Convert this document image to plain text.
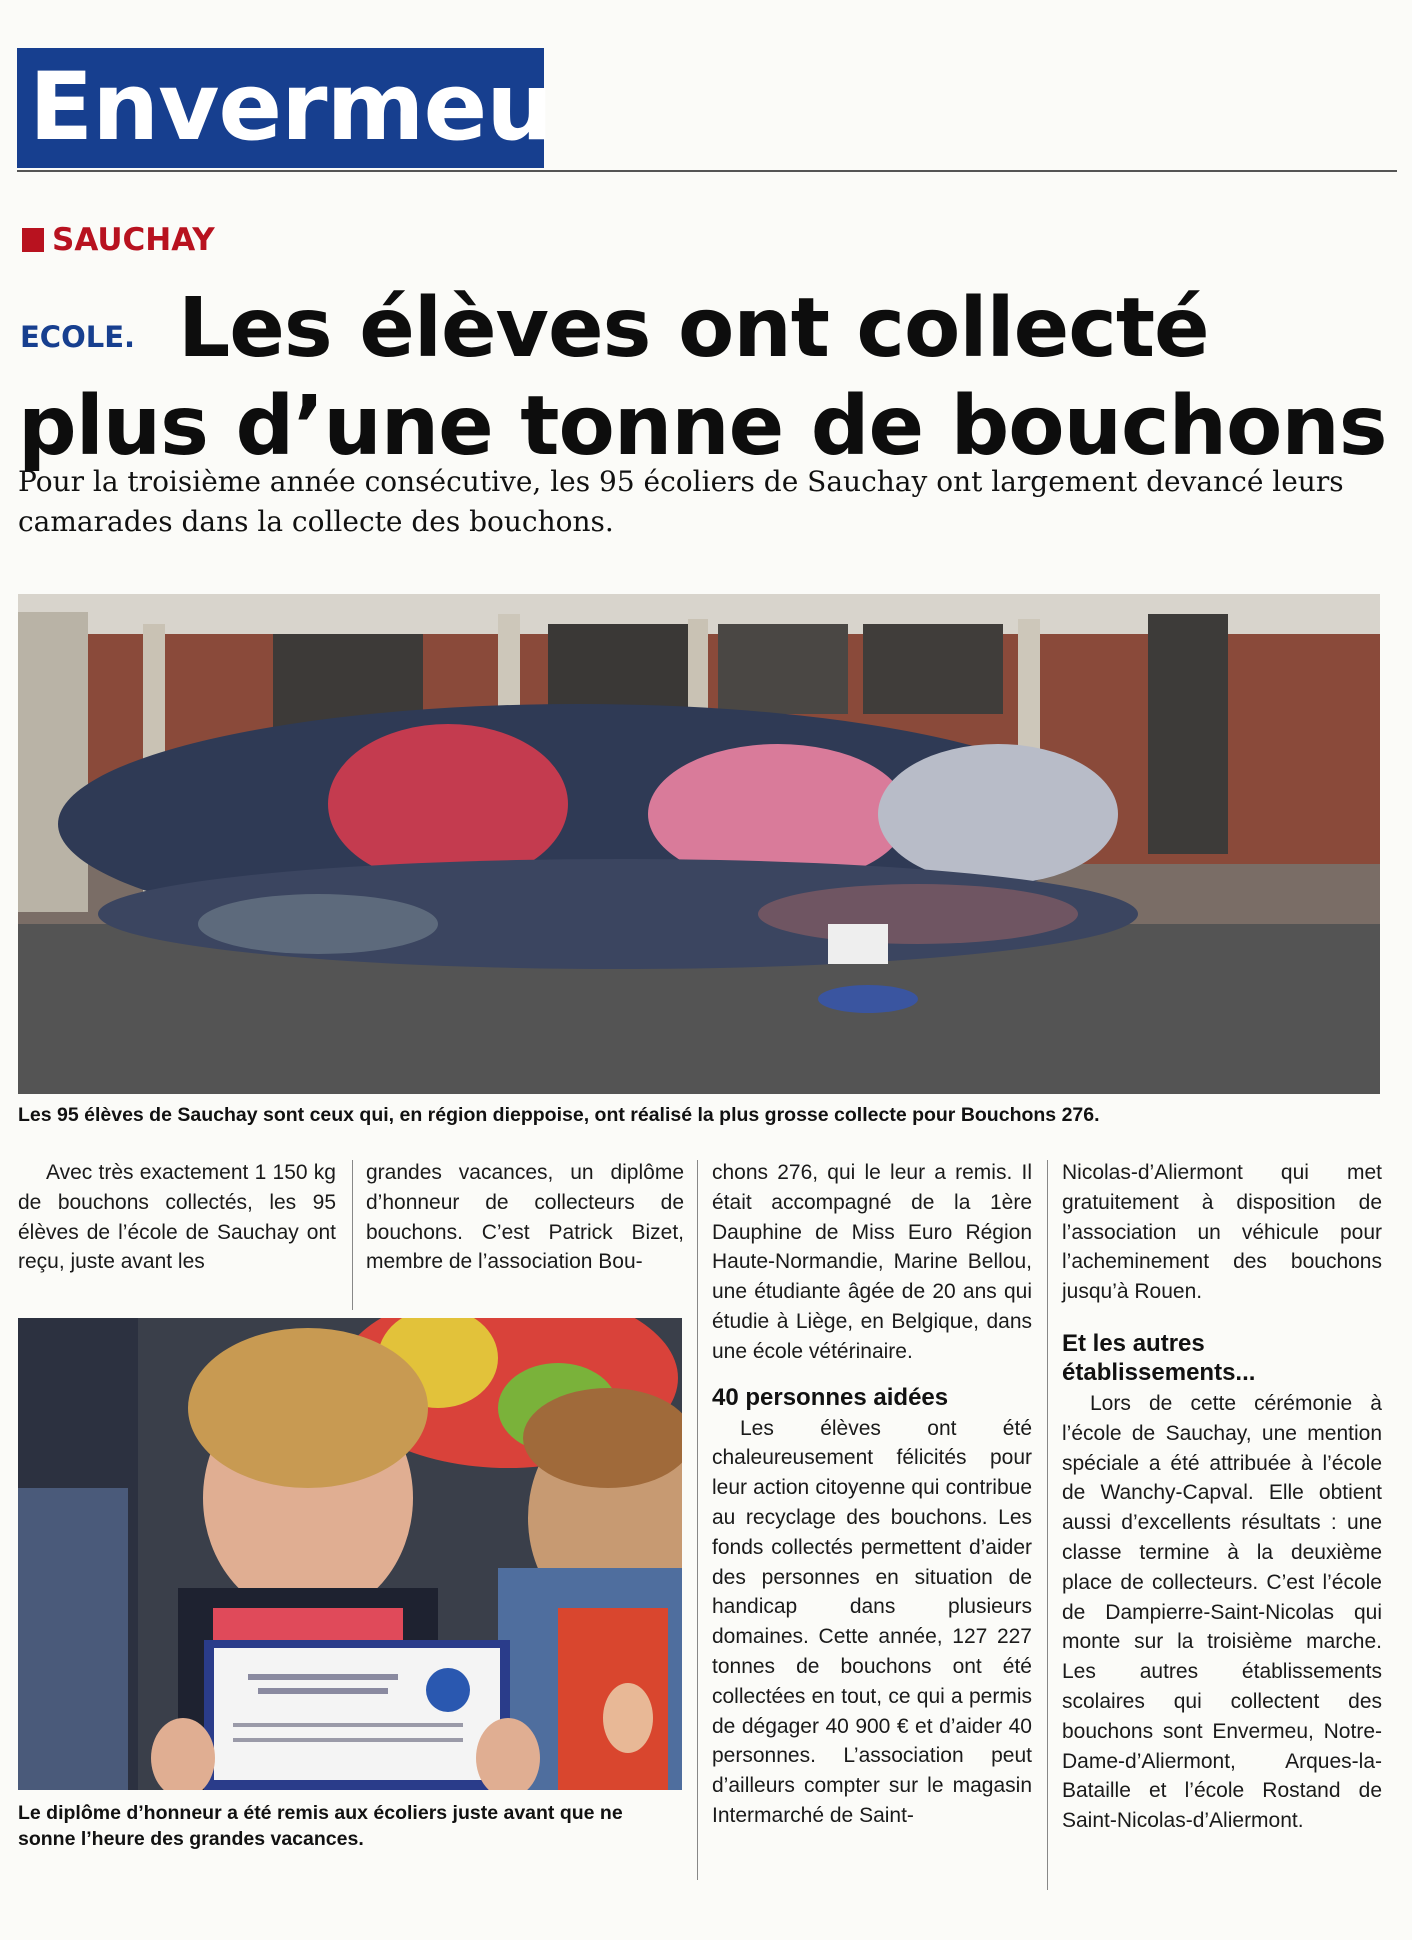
Envermeu
SAUCHAY
ECOLE. Les élèves ont collecté
plus d’une tonne de bouchons
Pour la troisième année consécutive, les 95 écoliers de Sauchay ont largement devancé leurs camarades dans la collecte des bouchons.
Les 95 élèves de Sauchay sont ceux qui, en région dieppoise, ont réalisé la plus grosse collecte pour Bouchons 276.

Avec très exactement 1 150 kg de bouchons collectés, les 95 élèves de l’école de Sauchay ont reçu, juste avant les

grandes vacances, un diplôme d’honneur de collecteurs de bouchons. C’est Patrick Bizet, membre de l’association Bou-

chons 276, qui le leur a remis. Il était accompagné de la 1ère Dauphine de Miss Euro Région Haute-Normandie, Marine Bellou, une étudiante âgée de 20 ans qui étudie à Liège, en Belgique, dans une école vétérinaire.

40 personnes aidées

Les élèves ont été chaleureusement félicités pour leur action citoyenne qui contribue au recyclage des bouchons. Les fonds collectés permettent d’aider des personnes en situation de handicap dans plusieurs domaines. Cette année, 127 227 tonnes de bouchons ont été collectées en tout, ce qui a permis de dégager 40 900 € et d’aider 40 personnes. L’association peut d’ailleurs compter sur le magasin Intermarché de Saint-

Nicolas-d’Aliermont qui met gratuitement à disposition de l’association un véhicule pour l’acheminement des bouchons jusqu’à Rouen.

Et les autres établissements...

Lors de cette cérémonie à l’école de Sauchay, une mention spéciale a été attribuée à l’école de Wanchy-Capval. Elle obtient aussi d’excellents résultats : une classe termine à la deuxième place de collecteurs. C’est l’école de Dampierre-Saint-Nicolas qui monte sur la troisième marche. Les autres établissements scolaires qui collectent des bouchons sont Envermeu, Notre-Dame-d’Aliermont, Arques-la-Bataille et l’école Rostand de Saint-Nicolas-d’Aliermont.

Le diplôme d’honneur a été remis aux écoliers juste avant que ne sonne l’heure des grandes vacances.
